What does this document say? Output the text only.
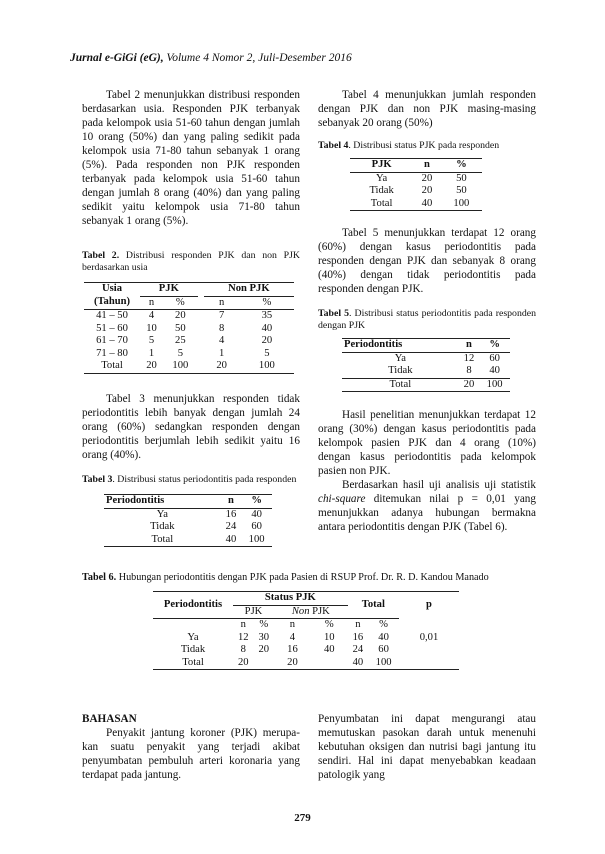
Jurnal e-GiGi (eG), Volume 4 Nomor 2, Juli-Desember 2016

Tabel 2 menunjukkan distribusi responden berdasarkan usia. Responden PJK terbanyak pada kelompok usia 51-60 tahun dengan jumlah 10 orang (50%) dan yang paling sedikit pada kelompok usia 71-80 tahun sebanyak 1 orang (5%). Pada responden non PJK responden terbanyak pada kelompok usia 51-60 tahun dengan jumlah 8 orang (40%) dan yang paling sedikit yaitu kelompok usia 71-80 tahun sebanyak 1 orang (5%).

Tabel 2. Distribusi responden PJK dan non PJK berdasarkan usia

Usia	PJK			Non PJK	
(Tahun)	n	%		n	%
41 – 50	4	20		7	35
51 – 60	10	50		8	40
61 – 70	5	25		4	20
71 – 80	1	5		1	5
Total	20	100		20	100

Tabel 3 menunjukkan responden tidak periodontitis lebih banyak dengan jumlah 24 orang (60%) sedangkan responden dengan periodontitis berjumlah lebih sedikit yaitu 16 orang (40%).

Tabel 3. Distribusi status periodontitis pada responden

Periodontitis	n	%
Ya	16	40
Tidak	24	60
Total	40	100

Tabel 4 menunjukkan jumlah responden dengan PJK dan non PJK masing-masing sebanyak 20 orang (50%)

Tabel 4. Distribusi status PJK pada responden

PJK	n	%
Ya	20	50
Tidak	20	50
Total	40	100

Tabel 5 menunjukkan terdapat 12 orang (60%) dengan kasus periodontitis pada responden dengan PJK dan sebanyak 8 orang (40%) dengan tidak periodontitis pada responden dengan PJK.

Tabel 5. Distribusi status periodontitis pada responden dengan PJK

Periodontitis	n	%
Ya	12	60
Tidak	8	40
Total	20	100

Hasil penelitian menunjukkan terdapat 12 orang (30%) dengan kasus periodontitis pada kelompok pasien PJK dan 4 orang (10%) dengan kasus periodontitis pada kelompok pasien non PJK.

Berdasarkan hasil uji analisis uji statistik chi-square ditemukan nilai p = 0,01 yang menunjukkan adanya hubungan bermakna antara periodontitis dengan PJK (Tabel 6).

Tabel 6. Hubungan periodontitis dengan PJK pada Pasien di RSUP Prof. Dr. R. D. Kandou Manado
Periodontitis	Status PJK				Total		p
	PJK		Non PJK				
	n	%	n	%	n	%	
Ya	12	30	4	10	16	40	0,01
Tidak	8	20	16	40	24	60	
Total	20		20		40	100	
BAHASAN

Penyakit jantung koroner (PJK) merupa-kan suatu penyakit yang terjadi akibat penyumbatan pembuluh arteri koronaria yang terdapat pada jantung.

Penyumbatan ini dapat mengurangi atau memutuskan pasokan darah untuk menenuhi kebutuhan oksigen dan nutrisi bagi jantung itu sendiri. Hal ini dapat menyebabkan keadaan patologik yang

279
